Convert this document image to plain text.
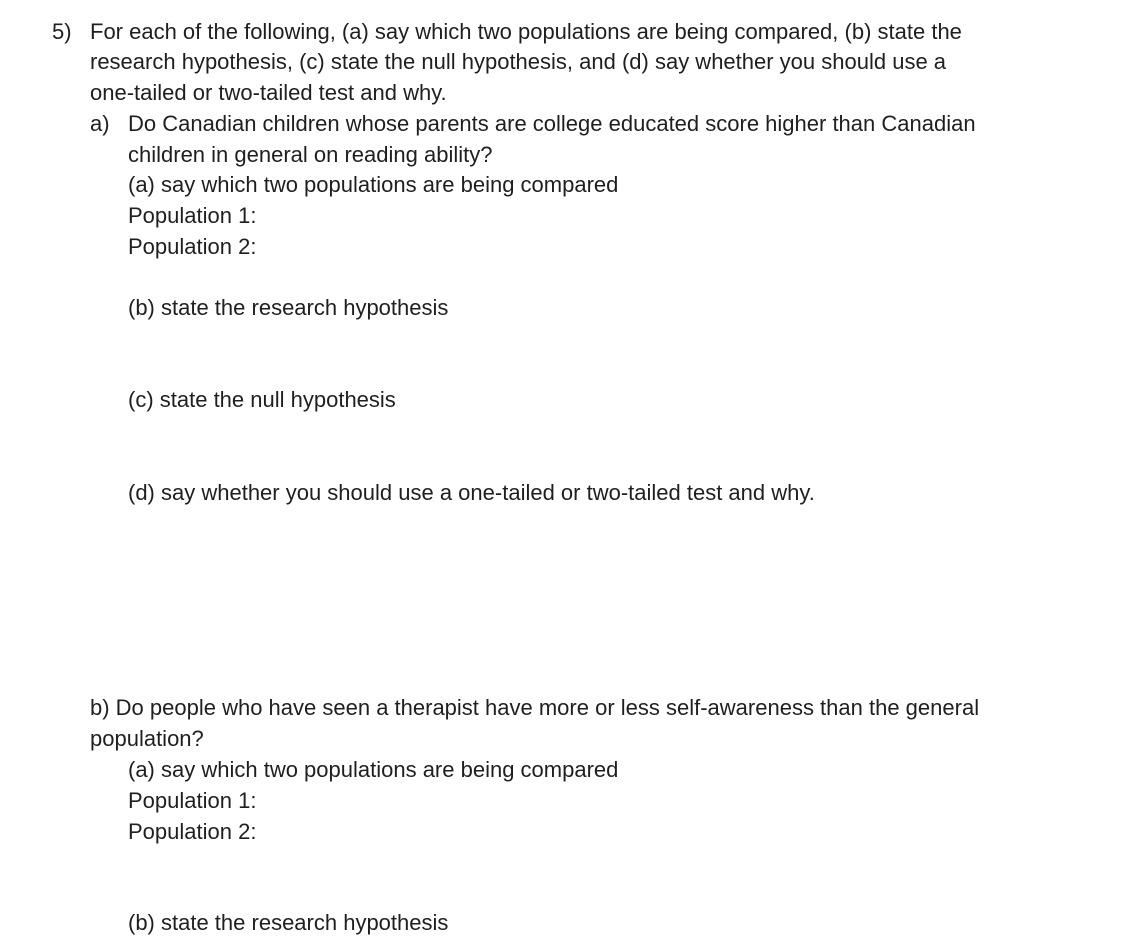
5) For each of the following, (a) say which two populations are being compared, (b) state the
research hypothesis, (c) state the null hypothesis, and (d) say whether you should use a
one-tailed or two-tailed test and why.
a) Do Canadian children whose parents are college educated score higher than Canadian
children in general on reading ability?
(a) say which two populations are being compared
Population 1:
Population 2:
(b) state the research hypothesis
(c) state the null hypothesis
(d) say whether you should use a one-tailed or two-tailed test and why.
b) Do people who have seen a therapist have more or less self-awareness than the general
population?
(a) say which two populations are being compared
Population 1:
Population 2:
(b) state the research hypothesis
